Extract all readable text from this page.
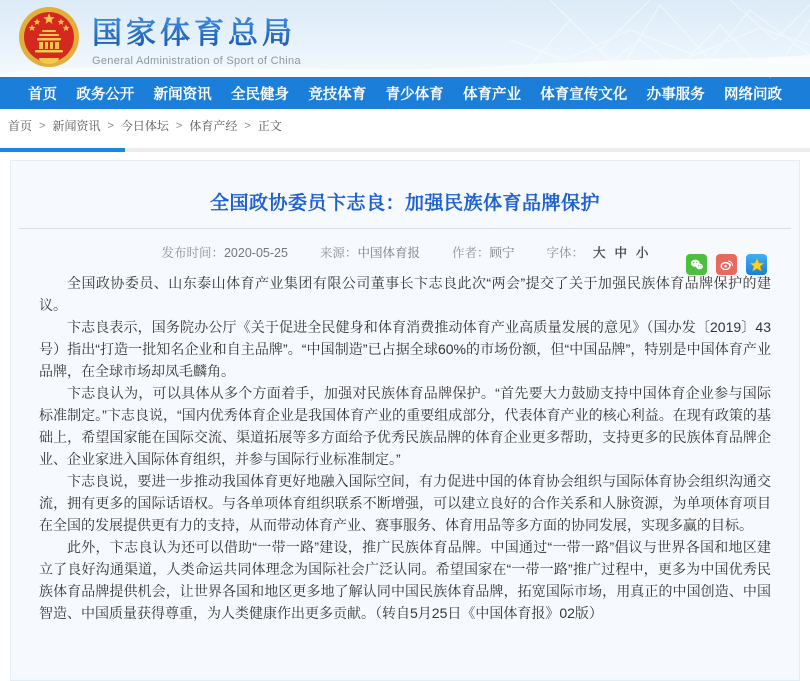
国家体育总局
General Administration of Sport of China
首页 政务公开 新闻资讯 全民健身 竞技体育 青少体育 体育产业 体育宣传文化 办事服务 网络问政
首页 > 新闻资讯 > 今日体坛 > 体育产经 > 正文
全国政协委员卞志良：加强民族体育品牌保护
发布时间：2020-05-25	来源：中国体育报	作者：顾宁	字体： 大 中 小

全国政协委员、山东泰山体育产业集团有限公司董事长卞志良此次“两会”提交了关于加强民族体育品牌保护的建议。

卞志良表示，国务院办公厅《关于促进全民健身和体育消费推动体育产业高质量发展的意见》（国办发〔2019〕43号）指出“打造一批知名企业和自主品牌”。“中国制造”已占据全球60%的市场份额，但“中国品牌”，特别是中国体育产业品牌，在全球市场却凤毛麟角。

卞志良认为，可以具体从多个方面着手，加强对民族体育品牌保护。“首先要大力鼓励支持中国体育企业参与国际标准制定。”卞志良说，“国内优秀体育企业是我国体育产业的重要组成部分，代表体育产业的核心利益。在现有政策的基础上，希望国家能在国际交流、渠道拓展等多方面给予优秀民族品牌的体育企业更多帮助，支持更多的民族体育品牌企业、企业家进入国际体育组织，并参与国际行业标准制定。”

卞志良说，要进一步推动我国体育更好地融入国际空间，有力促进中国的体育协会组织与国际体育协会组织沟通交流，拥有更多的国际话语权。与各单项体育组织联系不断增强，可以建立良好的合作关系和人脉资源，为单项体育项目在全国的发展提供更有力的支持，从而带动体育产业、赛事服务、体育用品等多方面的协同发展，实现多赢的目标。

此外，卞志良认为还可以借助“一带一路”建设，推广民族体育品牌。中国通过“一带一路”倡议与世界各国和地区建立了良好沟通渠道，人类命运共同体理念为国际社会广泛认同。希望国家在“一带一路”推广过程中，更多为中国优秀民族体育品牌提供机会，让世界各国和地区更多地了解认同中国民族体育品牌，拓宽国际市场，用真正的中国创造、中国智造、中国质量获得尊重，为人类健康作出更多贡献。（转自5月25日《中国体育报》02版）
